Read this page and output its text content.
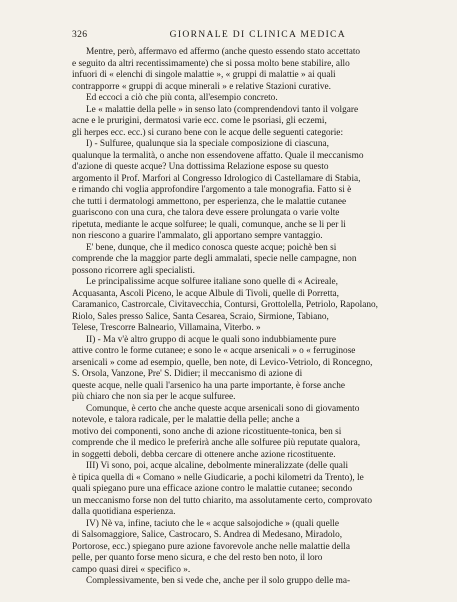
326	GIORNALE DI CLINICA MEDICA

Mentre, però, affermavo ed affermo (anche questo essendo stato accettato
e seguito da altri recentissimamente) che si possa molto bene stabilire, allo
infuori di « elenchi di singole malattie », « gruppi di malattie » ai quali
contrapporre « gruppi di acque minerali » e relative Stazioni curative.

Ed eccoci a ciò che più conta, all'esempio concreto.

Le « malattie della pelle » in senso lato (comprendendovi tanto il volgare
acne e le prurigini, dermatosi varie ecc. come le psoriasi, gli eczemi,
gli herpes ecc. ecc.) si curano bene con le acque delle seguenti categorie:

I) - Sulfuree, qualunque sia la speciale composizione di ciascuna,
qualunque la termalità, o anche non essendovene affatto. Quale il meccanismo
d'azione di queste acque? Una dottissima Relazione espose su questo
argomento il Prof. Marfori al Congresso Idrologico di Castellamare di Stabia,
e rimando chi voglia approfondire l'argomento a tale monografia. Fatto si è
che tutti i dermatologi ammettono, per esperienza, che le malattie cutanee
guariscono con una cura, che talora deve essere prolungata o varie volte
ripetuta, mediante le acque solfuree; le quali, comunque, anche se li per li
non riescono a guarire l'ammalato, gli apportano sempre vantaggio.

E' bene, dunque, che il medico conosca queste acque; poichè ben si
comprende che la maggior parte degli ammalati, specie nelle campagne, non
possono ricorrere agli specialisti.

Le principalissime acque solfuree italiane sono quelle di « Acireale,
Acquasanta, Ascoli Piceno, le acque Albule di Tivoli, quelle di Porretta,
Caramanico, Castrorcale, Civitavecchia, Contursi, Grottolella, Petriolo, Rapolano,
Riolo, Sales presso Salice, Santa Cesarea, Scraio, Sirmione, Tabiano,
Telese, Trescorre Balneario, Villamaina, Viterbo. »

II) - Ma v'è altro gruppo di acque le quali sono indubbiamente pure
attive contro le forme cutanee; e sono le « acque arsenicali » o « ferruginose
arsenicali » come ad esempio, quelle, ben note, di Levico-Vetriolo, di Roncegno,
S. Orsola, Vanzone, Pre' S. Didier; il meccanismo di azione di
queste acque, nelle quali l'arsenico ha una parte importante, è forse anche
più chiaro che non sia per le acque sulfuree.

Comunque, è certo che anche queste acque arsenicali sono di giovamento
notevole, e talora radicale, per le malattie della pelle; anche a
motivo dei componenti, sono anche di azione ricostituente-tonica, ben si
comprende che il medico le preferirà anche alle solfuree più reputate qualora,
in soggetti deboli, debba cercare di ottenere anche azione ricostituente.

III) Vi sono, poi, acque alcaline, debolmente mineralizzate (delle quali
è tipica quella di « Comano » nelle Giudicarie, a pochi kilometri da Trento), le
quali spiegano pure una efficace azione contro le malattie cutanee; secondo
un meccanismo forse non del tutto chiarito, ma assolutamente certo, comprovato
dalla quotidiana esperienza.

IV) Nè va, infine, taciuto che le « acque salsojodiche » (quali quelle
di Salsomaggiore, Salice, Castrocaro, S. Andrea di Medesano, Miradolo,
Portorose, ecc.) spiegano pure azione favorevole anche nelle malattie della
pelle, per quanto forse meno sicura, e che del resto ben noto, il loro
campo quasi direi « specifico ».

Complessivamente, ben si vede che, anche per il solo gruppo delle ma-
